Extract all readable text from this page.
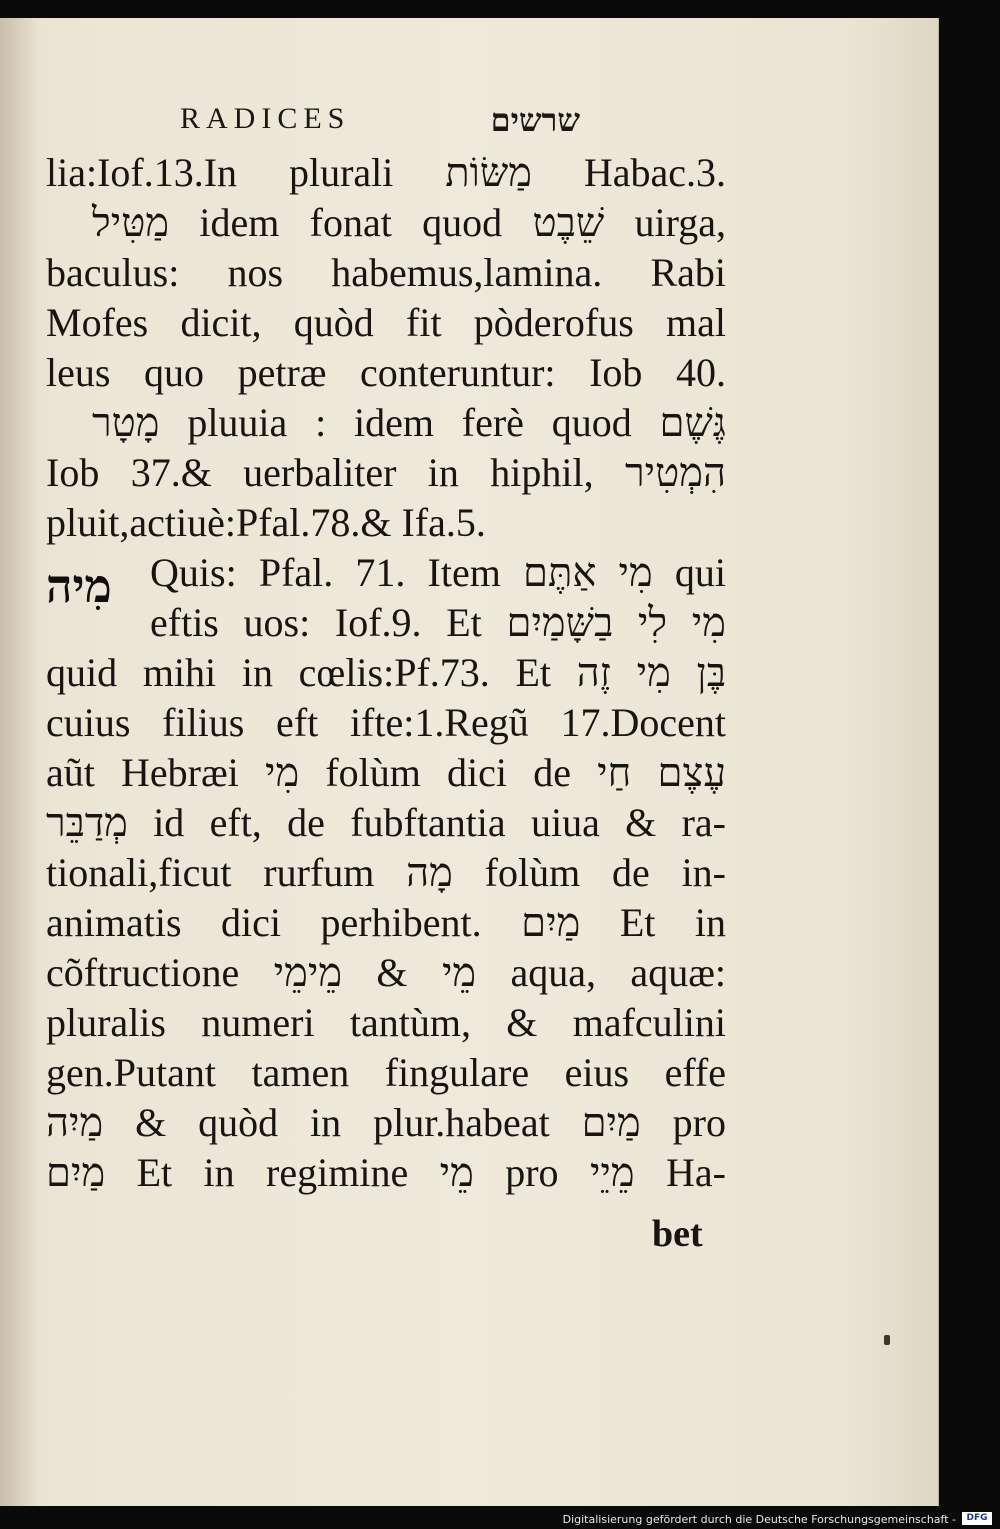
RADICES	שרשים
מִיה
lia:Iof.13.In plurali מַשּׂוֹת Habac.3.
מַטִּיל idem fonat quod שֵׁבֶט uirga,
baculus: nos habemus,lamina. Rabi
Mofes dicit, quòd fit pòderofus mal
leus quo petræ conteruntur: Iob 40.
מָטָר pluuia : idem ferè quod גֶּשֶׁם
Iob 37.& uerbaliter in hiphil, הִמְטִיר
pluit,actiuè:Pfal.78.& Ifa.5.
Quis: Pfal. 71. Item מִי אַתֶּם qui
eftis uos: Iof.9. Et מִי לִי בַשָּׁמַיִם
quid mihi in cœlis:Pf.73. Et בֶּן מִי זֶה
cuius filius eft ifte:1.Regũ 17.Docent
aũt Hebræi מִי folùm dici de עֶצֶם חַי
מְדַבֵּר id eft, de fubftantia uiua & ra-
tionali,ficut rurfum מָה folùm de in-
animatis dici perhibent. מַיִם Et in
cõftructione מֵי & מֵימֵי aqua, aquæ:
pluralis numeri tantùm, & mafculini
gen.Putant tamen fingulare eius effe
מַיִה & quòd in plur.habeat מַיִם pro
מַיִם Et in regimine מֵי pro מֵיֵי Ha-
bet
Digitalisierung gefördert durch die Deutsche Forschungsgemeinschaft -	DFG
